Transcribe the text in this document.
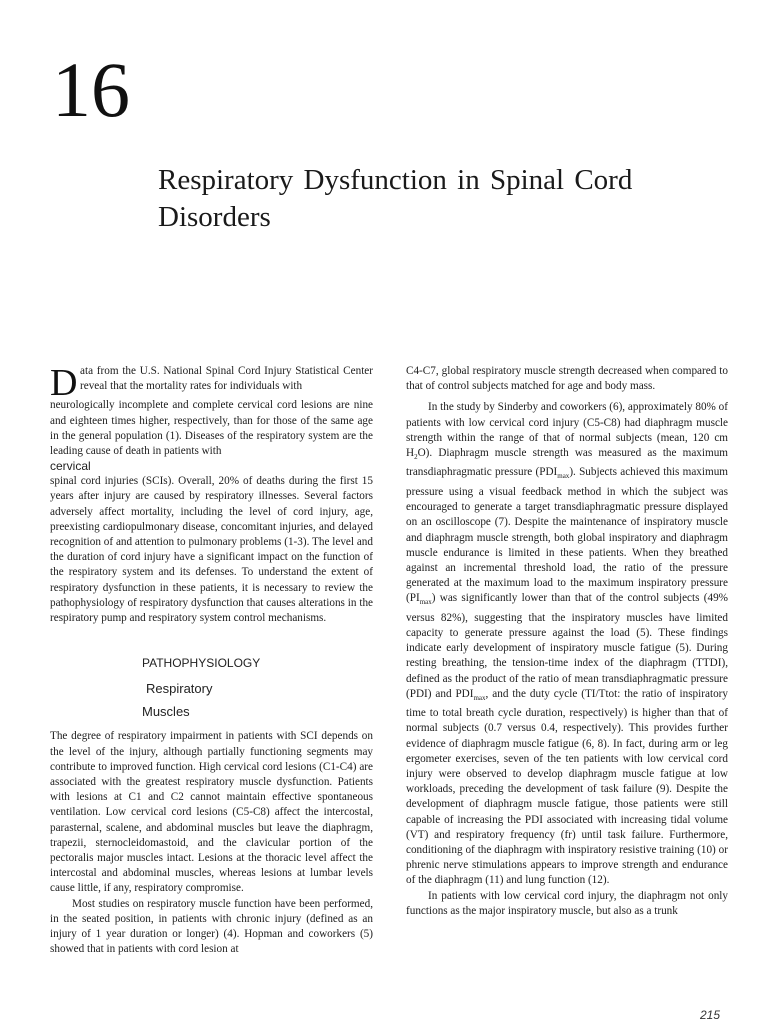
16
Respiratory Dysfunction in Spinal Cord Disorders
D ata from the U.S. National Spinal Cord Injury Statistical Center reveal that the mortality rates for individuals with

neurologically incomplete and complete cervical cord lesions are nine and eighteen times higher, respectively, than for those of the same age in the general population (1). Diseases of the respiratory system are the leading cause of death in patients with

cervical

spinal cord injuries (SCIs). Overall, 20% of deaths during the first 15 years after injury are caused by respiratory illnesses. Several factors adversely affect mortality, including the level of cord injury, age, preexisting cardiopulmonary disease, concomitant injuries, and delayed recognition of and attention to pulmonary problems (1-3). The level and the duration of cord injury have a significant impact on the function of the respiratory system and its defenses. To understand the extent of respiratory dysfunction in these patients, it is necessary to review the pathophysiology of respiratory dysfunction that causes alterations in the respiratory pump and respiratory system control mechanisms.

PATHOPHYSIOLOGY
Respiratory
Muscles

The degree of respiratory impairment in patients with SCI depends on the level of the injury, although partially functioning segments may contribute to improved function. High cervical cord lesions (C1-C4) are associated with the greatest respiratory muscle dysfunction. Patients with lesions at C1 and C2 cannot maintain effective spontaneous ventilation. Low cervical cord lesions (C5-C8) affect the intercostal, parasternal, scalene, and abdominal muscles but leave the diaphragm, trapezii, sternocleidomastoid, and the clavicular portion of the pectoralis major muscles intact. Lesions at the thoracic level affect the intercostal and abdominal muscles, whereas lesions at lumbar levels cause little, if any, respiratory compromise.

Most studies on respiratory muscle function have been performed, in the seated position, in patients with chronic injury (defined as an injury of 1 year duration or longer) (4). Hopman and coworkers (5) showed that in patients with cord lesion at

C4-C7, global respiratory muscle strength decreased when compared to that of control subjects matched for age and body mass.

In the study by Sinderby and coworkers (6), approximately 80% of patients with low cervical cord injury (C5-C8) had diaphragm muscle strength within the range of that of normal subjects (mean, 120 cm $H_2O$). Diaphragm muscle strength was measured as the maximum transdiaphragmatic pressure $(PDI_{max})$. Subjects achieved this maximum pressure using a visual feedback method in which the subject was encouraged to generate a target transdiaphragmatic pressure displayed on an oscilloscope (7). Despite the maintenance of inspiratory muscle and diaphragm muscle strength, both global inspiratory and diaphragm muscle endurance is limited in these patients. When they breathed against an incremental threshold load, the ratio of the pressure generated at the maximum load to the maximum inspiratory pressure $(PI_{max})$ was significantly lower than that of the control subjects (49% versus 82%), suggesting that the inspiratory muscles have limited capacity to generate pressure against the load (5). These findings indicate early development of inspiratory muscle fatigue (5). During resting breathing, the tension-time index of the diaphragm (TTDI), defined as the product of the ratio of mean transdiaphragmatic pressure (PDI) and $PDI_{max}$, and the duty cycle (TI/Ttot: the ratio of inspiratory time to total breath cycle duration, respectively) is higher than that of normal subjects (0.7 versus 0.4, respectively). This provides further evidence of diaphragm muscle fatigue (6, 8). In fact, during arm or leg ergometer exercises, seven of the ten patients with low cervical cord injury were observed to develop diaphragm muscle fatigue at low workloads, preceding the development of task failure (9). Despite the development of diaphragm muscle fatigue, those patients were still capable of increasing the PDI associated with increasing tidal volume (VT) and respiratory frequency (fr) until task failure. Furthermore, conditioning of the diaphragm with inspiratory resistive training (10) or phrenic nerve stimulations appears to improve strength and endurance of the diaphragm (11) and lung function (12).

In patients with low cervical cord injury, the diaphragm not only functions as the major inspiratory muscle, but also as a trunk

215
